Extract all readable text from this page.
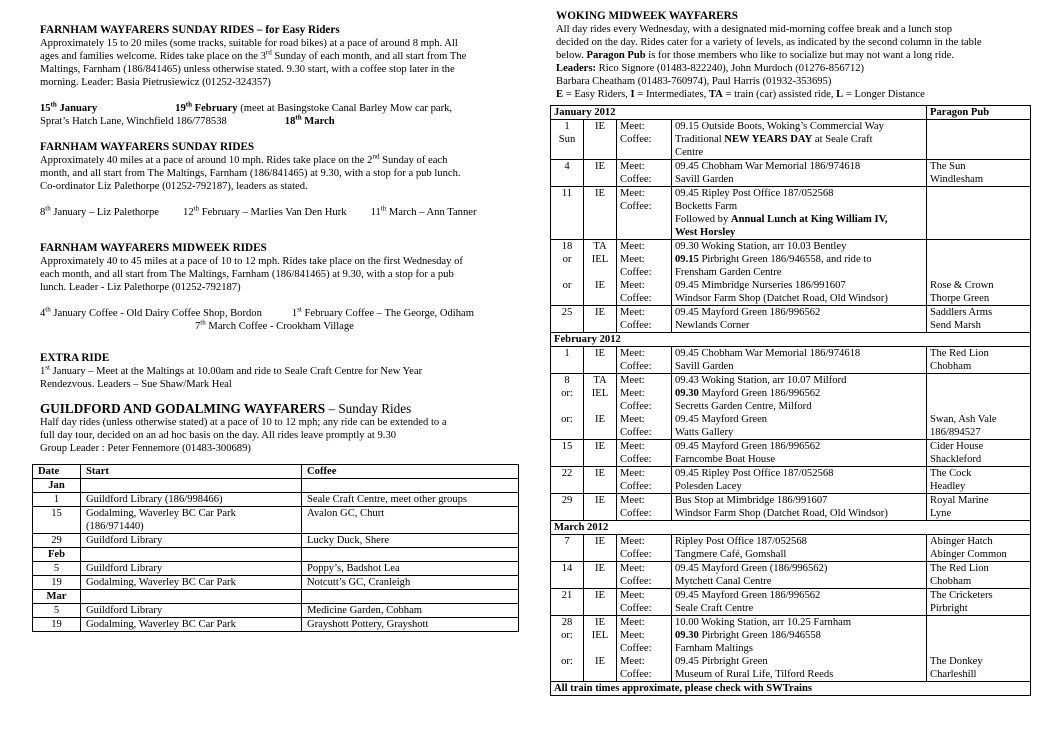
FARNHAM WAYFARERS SUNDAY RIDES – for Easy Riders

Approximately 15 to 20 miles (some tracks, suitable for road bikes) at a pace of around 8 mph. All

ages and families welcome. Rides take place on the 3rd Sunday of each month, and all start from The

Maltings, Farnham (186/841465) unless otherwise stated. 9.30 start, with a coffee stop later in the

morning. Leader: Basia Pietrusiewicz (01252-324357)

15th January	19th February (meet at Basingstoke Canal Barley Mow car park,

Sprat’s Hatch Lane, Winchfield 186/778538	18th March

FARNHAM WAYFARERS SUNDAY RIDES

Approximately 40 miles at a pace of around 10 mph. Rides take place on the 2nd Sunday of each

month, and all start from The Maltings, Farnham (186/841465) at 9.30, with a stop for a pub lunch.

Co-ordinator Liz Palethorpe (01252-792187), leaders as stated.

8th January – Liz Palethorpe 12th February – Marlies Van Den Hurk 11th March – Ann Tanner

FARNHAM WAYFARERS MIDWEEK RIDES

Approximately 40 to 45 miles at a pace of 10 to 12 mph. Rides take place on the first Wednesday of

each month, and all start from The Maltings, Farnham (186/841465) at 9.30, with a stop for a pub

lunch. Leader - Liz Palethorpe (01252-792187)

4th January Coffee - Old Dairy Coffee Shop, Bordon	1st February Coffee – The George, Odiham

7th March Coffee - Crookham Village

EXTRA RIDE

1st January – Meet at the Maltings at 10.00am and ride to Seale Craft Centre for New Year

Rendezvous. Leaders – Sue Shaw/Mark Heal

GUILDFORD AND GODALMING WAYFARERS – Sunday Rides

Half day rides (unless otherwise stated) at a pace of 10 to 12 mph; any ride can be extended to a

full day tour, decided on an ad hoc basis on the day. All rides leave promptly at 9.30

Group Leader : Peter Fennemore (01483-300689)

Date	Start	Coffee
Jan		
1	Guildford Library (186/998466)	Seale Craft Centre, meet other groups
15	Godalming, Waverley BC Car Park
(186/971440)	Avalon GC, Churt
29	Guildford Library	Lucky Duck, Shere
Feb		
5	Guildford Library	Poppy’s, Badshot Lea
19	Godalming, Waverley BC Car Park	Notcutt’s GC, Cranleigh
Mar		
5	Guildford Library	Medicine Garden, Cobham
19	Godalming, Waverley BC Car Park	Grayshott Pottery, Grayshott
WOKING MIDWEEK WAYFARERS

All day rides every Wednesday, with a designated mid-morning coffee break and a lunch stop

decided on the day. Rides cater for a variety of levels, as indicated by the second column in the table

below. Paragon Pub is for those members who like to socialize but may not want a long ride.

Leaders: Rico Signore (01483-822240), John Murdoch (01276-856712)

Barbara Cheatham (01483-760974), Paul Harris (01932-353695)

E = Easy Riders, I = Intermediates, TA = train (car) assisted ride, L = Longer Distance

January 2012				Paragon Pub
1	IE	Meet:	09.15 Outside Boots, Woking’s Commercial Way	
Sun		Coffee:	Traditional NEW YEARS DAY at Seale Craft	
			Centre	
4	IE	Meet:	09.45 Chobham War Memorial 186/974618	The Sun
		Coffee:	Savill Garden	Windlesham
11	IE	Meet:	09.45 Ripley Post Office 187/052568	
		Coffee:	Bocketts Farm	
			Followed by Annual Lunch at King William IV,	
			West Horsley	
18	TA	Meet:	09.30 Woking Station, arr 10.03 Bentley	
or	IEL	Meet:	09.15 Pirbright Green 186/946558, and ride to	
		Coffee:	Frensham Garden Centre	
or	IE	Meet:	09.45 Mimbridge Nurseries 186/991607	Rose & Crown
		Coffee:	Windsor Farm Shop (Datchet Road, Old Windsor)	Thorpe Green
25	IE	Meet:	09.45 Mayford Green 186/996562	Saddlers Arms
		Coffee:	Newlands Corner	Send Marsh
February 2012				
1	IE	Meet:	09.45 Chobham War Memorial 186/974618	The Red Lion
		Coffee:	Savill Garden	Chobham
8	TA	Meet:	09.43 Woking Station, arr 10.07 Milford	
or:	IEL	Meet:	09.30 Mayford Green 186/996562	
		Coffee:	Secretts Garden Centre, Milford	
or:	IE	Meet:	09.45 Mayford Green	Swan, Ash Vale
		Coffee:	Watts Gallery	186/894527
15	IE	Meet:	09.45 Mayford Green 186/996562	Cider House
		Coffee:	Farncombe Boat House	Shackleford
22	IE	Meet:	09.45 Ripley Post Office 187/052568	The Cock
		Coffee:	Polesden Lacey	Headley
29	IE	Meet:	Bus Stop at Mimbridge 186/991607	Royal Marine
		Coffee:	Windsor Farm Shop (Datchet Road, Old Windsor)	Lyne
March 2012				
7	IE	Meet:	Ripley Post Office 187/052568	Abinger Hatch
		Coffee:	Tangmere Café, Gomshall	Abinger Common
14	IE	Meet:	09.45 Mayford Green (186/996562)	The Red Lion
		Coffee:	Mytchett Canal Centre	Chobham
21	IE	Meet:	09.45 Mayford Green 186/996562	The Cricketers
		Coffee:	Seale Craft Centre	Pirbright
28	IE	Meet:	10.00 Woking Station, arr 10.25 Farnham	
or:	IEL	Meet:	09.30 Pirbright Green 186/946558	
		Coffee:	Farnham Maltings	
or:	IE	Meet:	09.45 Pirbright Green	The Donkey
		Coffee:	Museum of Rural Life, Tilford Reeds	Charleshill
All train times approximate, please check with SWTrains				
